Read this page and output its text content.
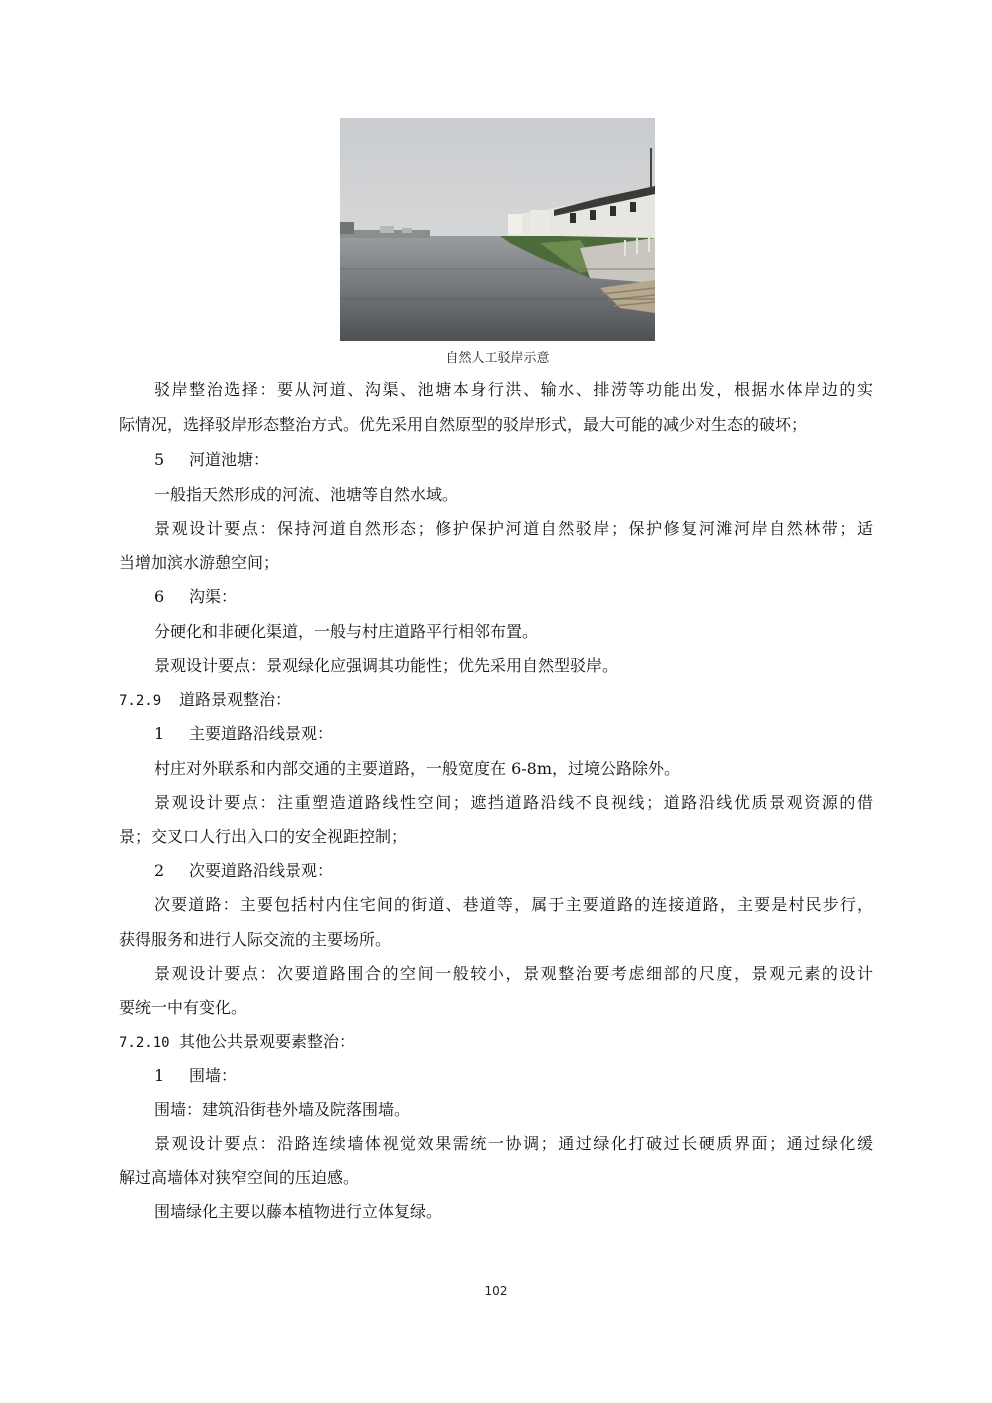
自然人工驳岸示意
驳岸整治选择：要从河道、沟渠、池塘本身行洪、输水、排涝等功能出发，根据水体岸边的实
际情况，选择驳岸形态整治方式。优先采用自然原型的驳岸形式，最大可能的减少对生态的破坏；
5 河道池塘：
一般指天然形成的河流、池塘等自然水域。
景观设计要点：保持河道自然形态；修护保护河道自然驳岸；保护修复河滩河岸自然林带；适
当增加滨水游憩空间；
6 沟渠：
分硬化和非硬化渠道，一般与村庄道路平行相邻布置。
景观设计要点：景观绿化应强调其功能性；优先采用自然型驳岸。
7.2.9 道路景观整治：
1 主要道路沿线景观：
村庄对外联系和内部交通的主要道路，一般宽度在 6-8m，过境公路除外。
景观设计要点：注重塑造道路线性空间；遮挡道路沿线不良视线；道路沿线优质景观资源的借
景；交叉口人行出入口的安全视距控制；
2 次要道路沿线景观：
次要道路：主要包括村内住宅间的街道、巷道等，属于主要道路的连接道路，主要是村民步行，
获得服务和进行人际交流的主要场所。
景观设计要点：次要道路围合的空间一般较小，景观整治要考虑细部的尺度，景观元素的设计
要统一中有变化。
7.2.10 其他公共景观要素整治：
1 围墙：
围墙：建筑沿街巷外墙及院落围墙。
景观设计要点：沿路连续墙体视觉效果需统一协调；通过绿化打破过长硬质界面；通过绿化缓
解过高墙体对狭窄空间的压迫感。
围墙绿化主要以藤本植物进行立体复绿。
102
